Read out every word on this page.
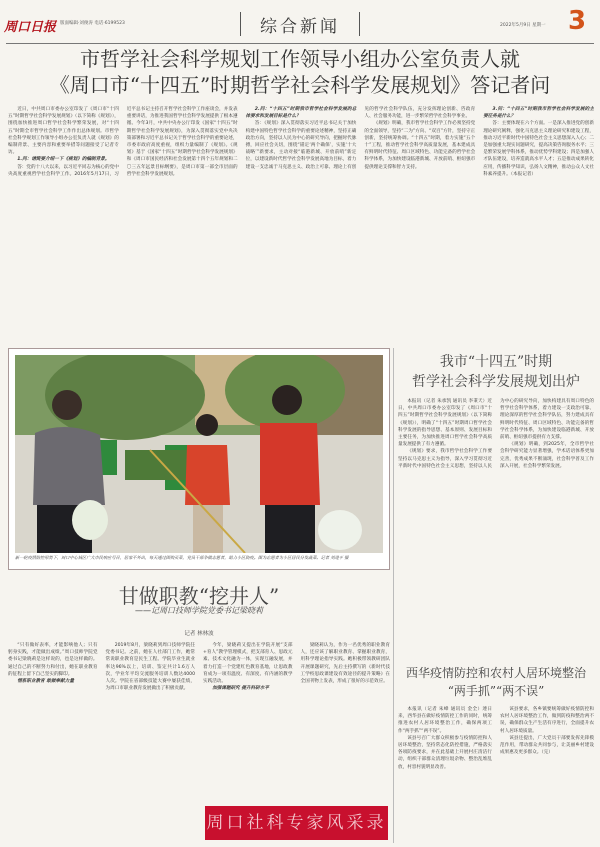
周口日报 版面编辑·刘俊涛 电话·6199523	综合新闻	2022年5月9日 星期一 3
市哲学社会科学规划工作领导小组办公室负责人就
《周口市“十四五”时期哲学社会科学发展规划》答记者问

近日，中共周口市委办公室印发了《周口市“十四五”时期哲学社会科学发展规划》（以下简称《规划》），围绕加快推进周口哲学社会科学繁荣发展，对“十四五”时期全市哲学社会科学工作作出总体规划。市哲学社会科学规划工作领导小组办公室负责人就《规划》的编制背景、主要内容和重要举措等问题接受了记者专访。

1.问：请简要介绍一下《规划》的编制背景。

答：党的十八大以来，以习近平同志为核心的党中央高度重视哲学社会科学工作。2016年5月17日，习近平总书记主持召开哲学社会科学工作座谈会，并发表重要讲话，为推进我国哲学社会科学发展提供了根本遵循。今年3月，中共中央办公厅印发《国家“十四五”时期哲学社会科学发展规划》，为深入贯彻落实党中央决策部署和习近平总书记关于哲学社会科学的重要论述，市委市政府高度重视，组织力量编制了《规划》。《规划》基于《国家“十四五”时期哲学社会科学发展规划》和《周口市国民经济和社会发展第十四个五年规划和二〇三五年远景目标纲要》，是周口市第一部全市层面的哲学社会科学发展规划。

2.问：“十四五”时期我市哲学社会科学发展的总体要求和发展目标是什么？

答：《规划》深入贯彻落实习近平总书记关于加快构建中国特色哲学社会科学的重要论述精神，坚持正确政治方向，坚持以人民为中心的研究导向，把握时代脉搏，回应社会关切，围绕“锚定‘两个确保’，实施‘十大战略’”新要求，主动对接“临港新城、开放前哨”新定位，以建设新时代哲学社会科学发展高地为目标，着力建设一支忠诚于马克思主义、政治上可靠、理论上有创见的哲学社会科学队伍，充分发挥理论创新、咨政育人、社会服务功能，进一步繁荣哲学社会科学事业。

《规划》明确，我市哲学社会科学工作必须坚持党的全面领导，坚持“二为”方向、“双百”方针，坚持守正创新，坚持统筹协调。“十四五”时期，着力实施“五个十”工程，推动哲学社会科学高质量发展，基本建成具有鲜明时代特征、周口区域特色、功能完备的哲学社会科学体系，为加快建设临港新城、开放前哨、枢纽强市提供理论支撑和智力支持。

3.问：“十四五”时期我市哲学社会科学发展的主要任务是什么？

答：主要体现在六个方面。一是深入推进党的创新理论研究阐释，强化马克思主义理论研究和建设工程，推动习近平新时代中国特色社会主义思想深入人心；二是加强重大现实问题研究，提高决策咨询服务水平；三是繁荣发展学科体系，推动优势学科建设；四是加强人才队伍建设，培养造就高水平人才；五是推动成果转化应用，传播科学知识，弘扬人文精神，推动公众人文社科素养提升。（本报记者）

新一轮疫情防控形势下，周口中心城区广大市民响应号召，居家不外出，每天通过团购买菜，党员干部争做志愿者，助力小区防疫。图为志愿者为小区居民分发蔬菜。记者 刘进平 摄
甘做职教“挖井人”
——记周口技师学院党委书记梁晓莉
记者 林林波

“只有做好表率，才能影响他人；只有躬身实践，才能做出成绩。”周口技师学院党委书记梁晓莉是这样说的，也是这样做的。通过自己的不断努力和付出，她在职业教育的征程上留下自己坚实的脚印。

情系职业教育 敢做奉献力量

2019年8月，梁晓莉到周口技师学院任党委书记。之前，她在人社部门工作，她常常说职业教育是民生工程。学院毕业生就业率达96%以上，培训、鉴定共计1.6万人次，学业年平均交流服务培训人数达4000人次。学院在省部级技能大赛中屡获佳绩，为周口市职业教育发展做出了积极贡献。

今年，梁晓莉又提出在学院开展“支部+育人”教学管理模式，把支部育人、思政元素、技术文化融为一体，实现互融发展，并着力打造一个党建红色教育基地，让思政教育成为一项有温度、有深度、有内涵的教学实践活动。

加强课题研究 提升科研水平

梁晓莉认为，作为一名优秀的职业教育人，还应该了解职业教育、掌握职业教育，用科学理论指导实践。她积极带领教研团队开展课题研究，先后主持撰写的《新时代技工学校思政课建设有效途径的提升策略》在全国刊物上发表，形成了很好的示范效应。

周口社科专家风采录
我市“十四五”时期
哲学社会科学发展规划出炉

本报讯（记者 朱承凯 通讯员 李秉天）近日，中共周口市委办公室印发了《周口市“十四五”时期哲学社会科学发展规划》（以下简称《规划》），明确了“十四五”时期周口哲学社会科学发展的指导思想、基本原则、发展目标和主要任务，为加快推进周口哲学社会科学高质量发展提供了有力遵循。

《规划》要求，我市哲学社会科学工作要坚持以马克思主义为指导，深入学习贯彻习近平新时代中国特色社会主义思想，坚持以人民为中心的研究导向，加快构建具有周口特色的哲学社会科学体系，着力建设一支政治可靠、理论深厚的哲学社会科学队伍，努力建成具有鲜明时代特征、周口区域特色、功能完备的哲学社会科学体系，为加快建设临港新城、开放前哨、枢纽强市提供有力支撑。

《规划》明确，到2025年，全市哲学社会科学研究能力显著增强，学术话语体系更加完善，优秀成果不断涌现，社会科学普及工作深入开展，社会科学繁荣发展。

西华疫情防控和农村人居环境整治
“两手抓”“两不误”

本报讯（记者 朱峰 通讯员 金全）連日来，西华县在做好疫情防控工作的同时，统筹推进农村人居环境整治工作，确保两项工作“两手抓”“两不误”。

该县号召广大群众积极参与疫情防控和人居环境整治，坚持常态化防控措施，严格落实各项防疫要求，并在此基础上开展村庄清洁行动，组织干部群众清理垃圾杂物、整治乱堆乱放，村容村貌明显改善。

该县要求，各乡镇要统筹做好疫情防控和农村人居环境整治工作，做到防疫和整治两不误，确保群众生产生活有序进行，全面提升农村人居环境质量。

该县还提出，广大党员干部要发挥先锋模范作用，带动群众共同参与，让美丽乡村建设成果惠及更多群众。（完）
